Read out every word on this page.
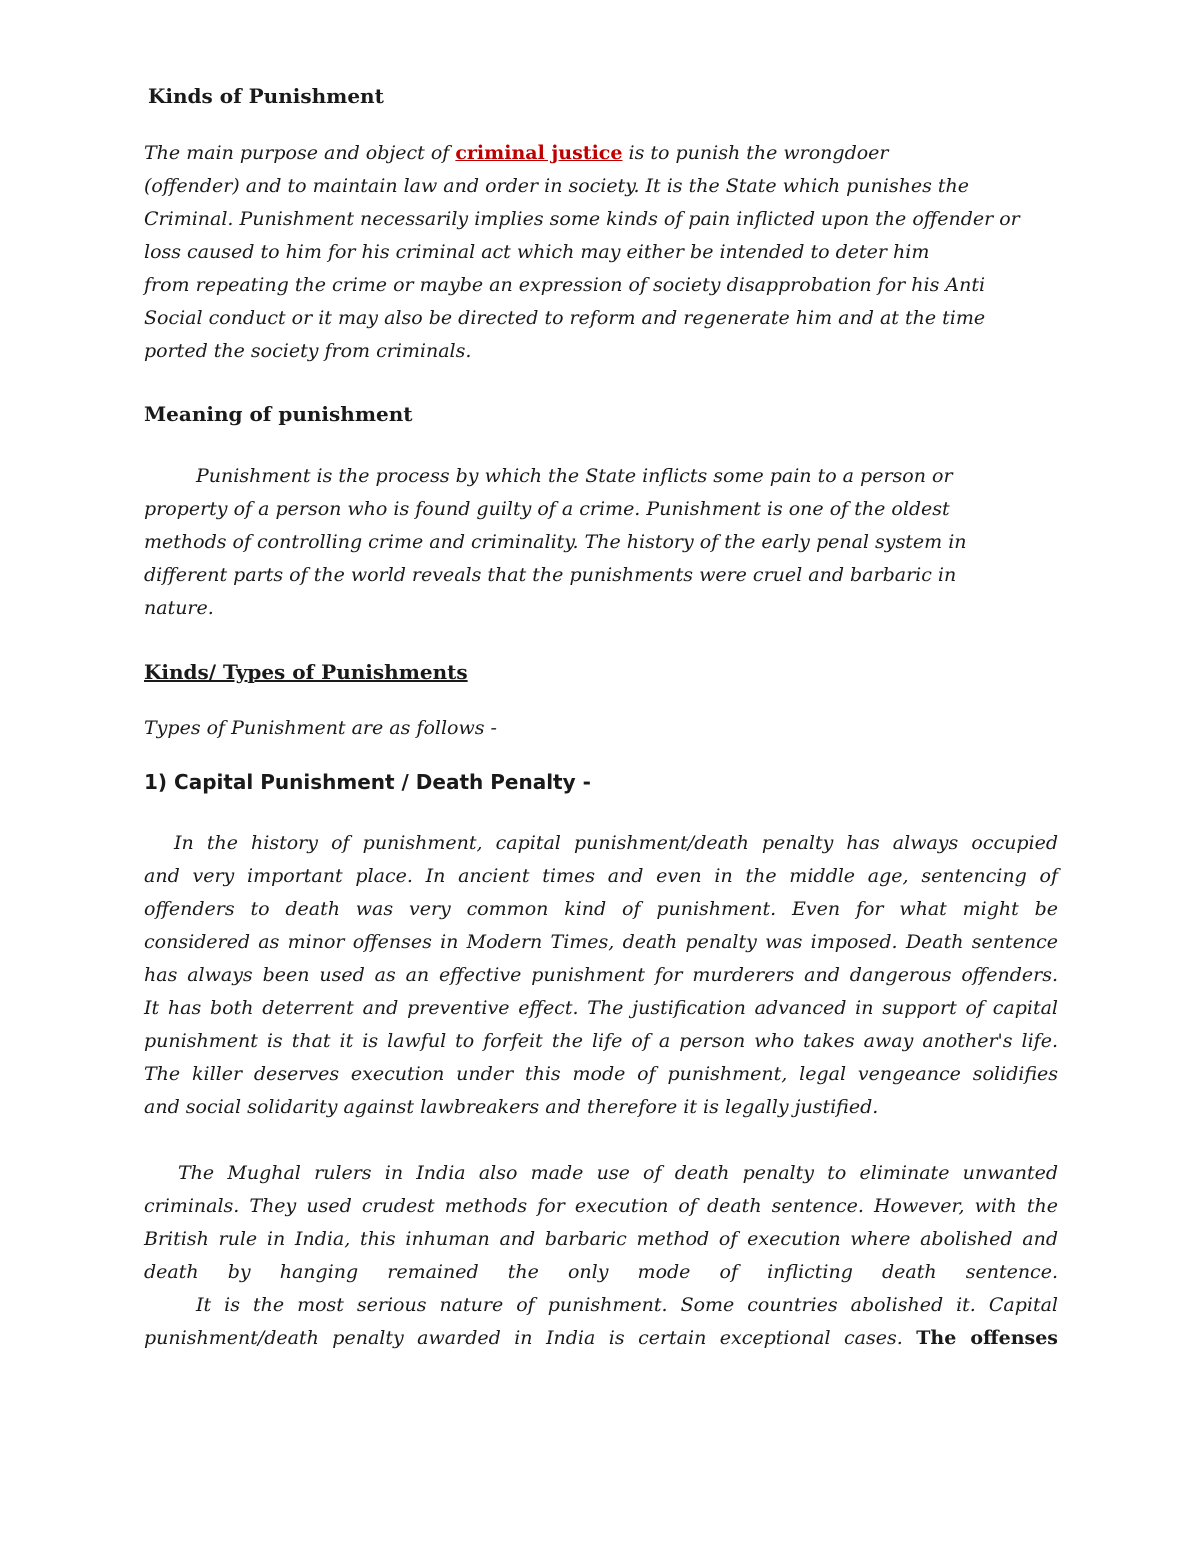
Kinds of Punishment
The main purpose and object of criminal justice is to punish the wrongdoer
(offender) and to maintain law and order in society. It is the State which punishes the
Criminal. Punishment necessarily implies some kinds of pain inflicted upon the offender or
loss caused to him for his criminal act which may either be intended to deter him
from repeating the crime or maybe an expression of society disapprobation for his Anti
Social conduct or it may also be directed to reform and regenerate him and at the time
ported the society from criminals.
Meaning of punishment
Punishment is the process by which the State inflicts some pain to a person or
property of a person who is found guilty of a crime. Punishment is one of the oldest
methods of controlling crime and criminality. The history of the early penal system in
different parts of the world reveals that the punishments were cruel and barbaric in
nature.
Kinds/ Types of Punishments
Types of Punishment are as follows -
1) Capital Punishment / Death Penalty -
In the history of punishment, capital punishment/death penalty has always occupied
and very important place. In ancient times and even in the middle age, sentencing of
offenders to death was very common kind of punishment. Even for what might be
considered as minor offenses in Modern Times, death penalty was imposed. Death sentence
has always been used as an effective punishment for murderers and dangerous offenders.
It has both deterrent and preventive effect. The justification advanced in support of capital
punishment is that it is lawful to forfeit the life of a person who takes away another's life.
The killer deserves execution under this mode of punishment, legal vengeance solidifies
and social solidarity against lawbreakers and therefore it is legally justified.
The Mughal rulers in India also made use of death penalty to eliminate unwanted
criminals. They used crudest methods for execution of death sentence. However, with the
British rule in India, this inhuman and barbaric method of execution where abolished and
death by hanging remained the only mode of inflicting death sentence.
It is the most serious nature of punishment. Some countries abolished it. Capital
punishment/death penalty awarded in India is certain exceptional cases. The offenses
